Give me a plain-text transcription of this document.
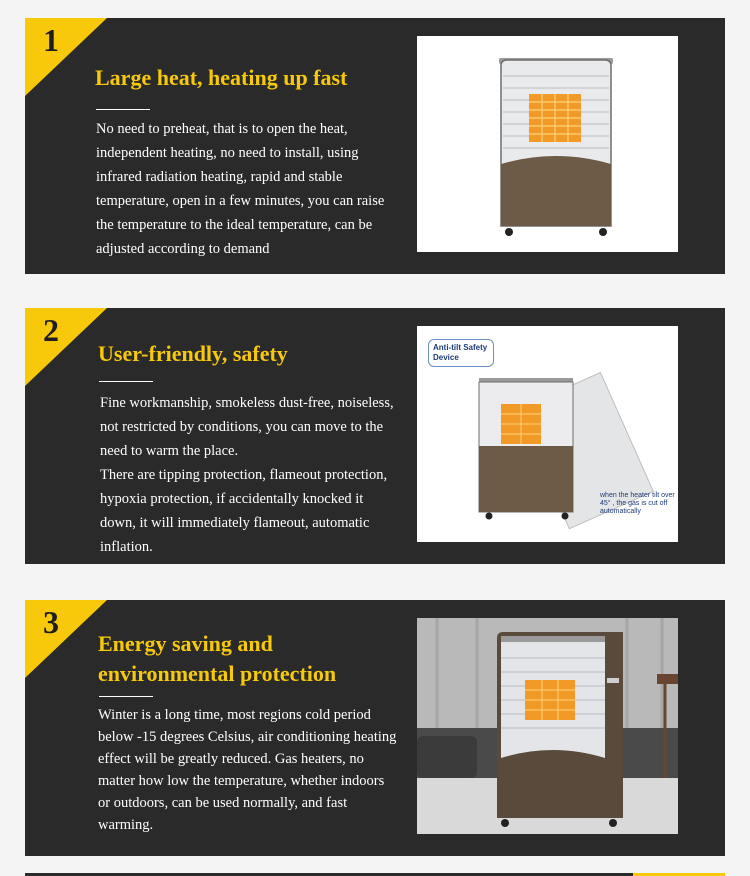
1
Large heat, heating up fast

No need to preheat, that is to open the heat, independent heating, no need to install, using infrared radiation heating, rapid and stable temperature, open in a few minutes, you can raise the temperature to the ideal temperature, can be adjusted according to demand

2
User-friendly, safety

Fine workmanship, smokeless dust-free, noiseless, not restricted by conditions, you can move to the need to warm the place.

There are tipping protection, flameout protection, hypoxia protection, if accidentally knocked it down, it will immediately flameout, automatic inflation.

Anti-tilt Safety Device
when the heater tilt over 45° , the gas is cut off automatically
3
Energy saving and
environmental protection

Winter is a long time, most regions cold period below -15 degrees Celsius, air conditioning heating effect will be greatly reduced. Gas heaters, no matter how low the temperature, whether indoors or outdoors, can be used normally, and fast warming.
